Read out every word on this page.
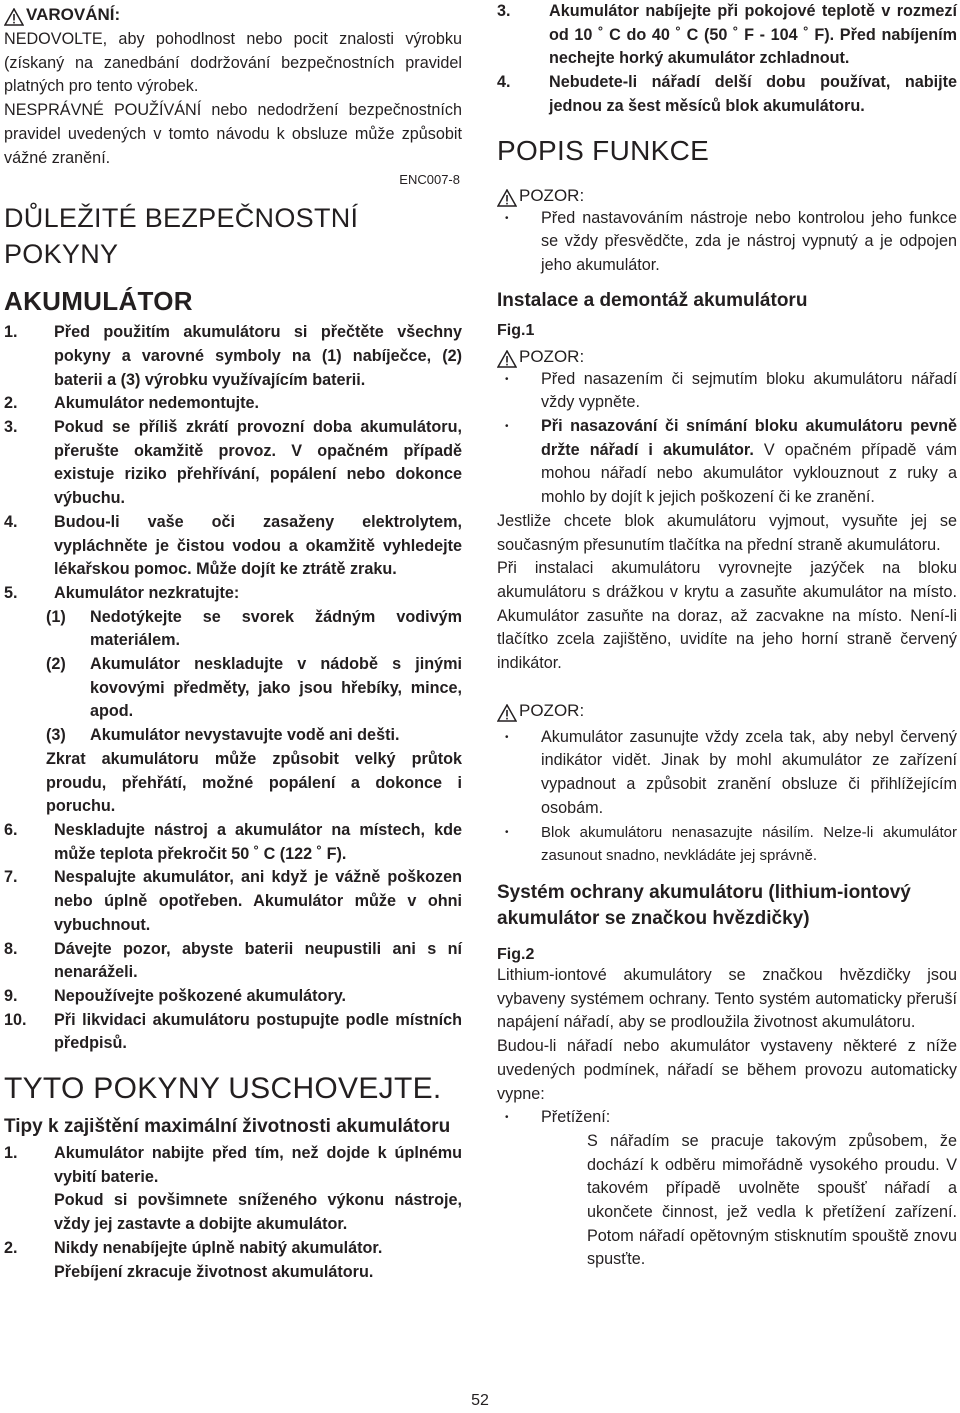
VAROVÁNÍ:

NEDOVOLTE, aby pohodlnost nebo pocit znalosti výrobku (získaný na zanedbání dodržování bezpečnostních pravidel platných pro tento výrobek.

NESPRÁVNÉ POUŽÍVÁNÍ nebo nedodržení bezpečnostních pravidel uvedených v tomto návodu k obsluze může způsobit vážné zranění.

ENC007-8
DŮLEŽITÉ BEZPEČNOSTNÍ
POKYNY
AKUMULÁTOR
1.	Před použitím akumulátoru si přečtěte všechny pokyny a varovné symboly na (1) nabíječce, (2) baterii a (3) výrobku využívajícím baterii.
2.	Akumulátor nedemontujte.
3.	Pokud se příliš zkrátí provozní doba akumulátoru, přerušte okamžitě provoz. V opačném případě existuje riziko přehřívání, popálení nebo dokonce výbuchu.
4.	Budou-li vaše oči zasaženy elektrolytem, vypláchněte je čistou vodou a okamžitě vyhledejte lékařskou pomoc. Může dojít ke ztrátě zraku.
5.	Akumulátor nezkratujte:
(1)	Nedotýkejte se svorek žádným vodivým materiálem.
(2)	Akumulátor neskladujte v nádobě s jinými kovovými předměty, jako jsou hřebíky, mince, apod.
(3)	Akumulátor nevystavujte vodě ani dešti.

Zkrat akumulátoru může způsobit velký průtok proudu, přehřátí, možné popálení a dokonce i poruchu.

6.	Neskladujte nástroj a akumulátor na místech, kde může teplota překročit 50 ˚ C (122 ˚ F).
7.	Nespalujte akumulátor, ani když je vážně poškozen nebo úplně opotřeben. Akumulátor může v ohni vybuchnout.
8.	Dávejte pozor, abyste baterii neupustili ani s ní nenaráželi.
9.	Nepoužívejte poškozené akumulátory.
10.	Při likvidaci akumulátoru postupujte podle místních předpisů.
TYTO POKYNY USCHOVEJTE.
Tipy k zajištění maximální životnosti akumulátoru
1.	Akumulátor nabijte před tím, než dojde k úplnému vybití baterie.
Pokud si povšimnete sníženého výkonu nástroje, vždy jej zastavte a dobijte akumulátor.
2.	Nikdy nenabíjejte úplně nabitý akumulátor.
Přebíjení zkracuje životnost akumulátoru.
3.	Akumulátor nabíjejte při pokojové teplotě v rozmezí od 10 ˚ C do 40 ˚ C (50 ˚ F - 104 ˚ F). Před nabíjením nechejte horký akumulátor zchladnout.
4.	Nebudete-li nářadí delší dobu používat, nabijte jednou za šest měsíců blok akumulátoru.
POPIS FUNKCE
POZOR:
•	Před nastavováním nástroje nebo kontrolou jeho funkce se vždy přesvědčte, zda je nástroj vypnutý a je odpojen jeho akumulátor.
Instalace a demontáž akumulátoru

Fig.1

POZOR:
•	Před nasazením či sejmutím bloku akumulátoru nářadí vždy vypněte.
•	Při nasazování či snímání bloku akumulátoru pevně držte nářadí i akumulátor. V opačném případě vám mohou nářadí nebo akumulátor vyklouznout z ruky a mohlo by dojít k jejich poškození či ke zranění.

Jestliže chcete blok akumulátoru vyjmout, vysuňte jej se současným přesunutím tlačítka na přední straně akumulátoru.

Při instalaci akumulátoru vyrovnejte jazýček na bloku akumulátoru s drážkou v krytu a zasuňte akumulátor na místo. Akumulátor zasuňte na doraz, až zacvakne na místo. Není-li tlačítko zcela zajištěno, uvidíte na jeho horní straně červený indikátor.

POZOR:
•	Akumulátor zasunujte vždy zcela tak, aby nebyl červený indikátor vidět. Jinak by mohl akumulátor ze zařízení vypadnout a způsobit zranění obsluze či přihlížejícím osobám.
•	Blok akumulátoru nenasazujte násilím. Nelze-li akumulátor zasunout snadno, nevkládáte jej správně.
Systém ochrany akumulátoru (lithium-iontový akumulátor se značkou hvězdičky)

Fig.2

Lithium-iontové akumulátory se značkou hvězdičky jsou vybaveny systémem ochrany. Tento systém automaticky přeruší napájení nářadí, aby se prodloužila životnost akumulátoru.

Budou-li nářadí nebo akumulátor vystaveny některé z níže uvedených podmínek, nářadí se během provozu automaticky vypne:

•	Přetížení:

S nářadím se pracuje takovým způsobem, že dochází k odběru mimořádně vysokého proudu. V takovém případě uvolněte spoušť nářadí a ukončete činnost, jež vedla k přetížení zařízení. Potom nářadí opětovným stisknutím spouště znovu spusťte.

52
